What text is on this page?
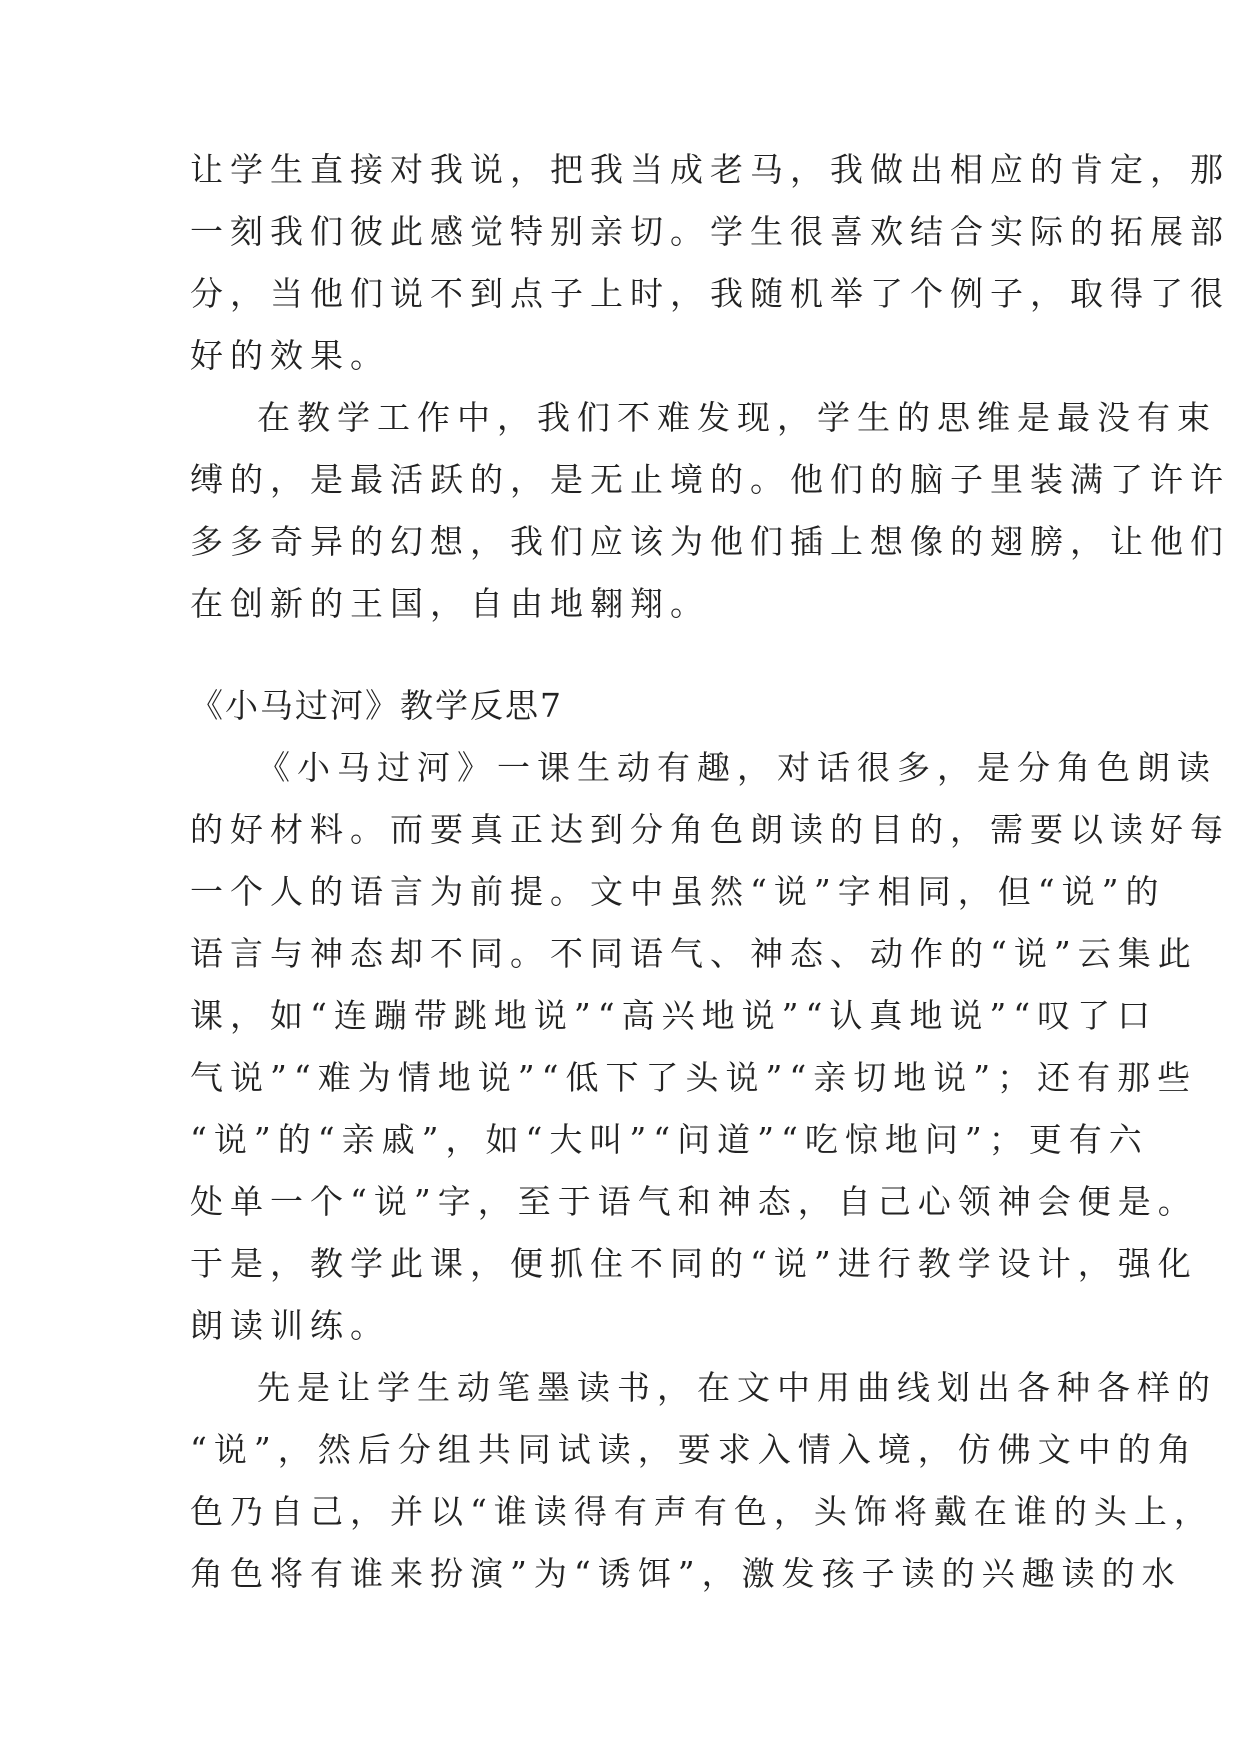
让学生直接对我说，把我当成老马，我做出相应的肯定，那
一刻我们彼此感觉特别亲切。学生很喜欢结合实际的拓展部
分，当他们说不到点子上时，我随机举了个例子，取得了很
好的效果。
在教学工作中，我们不难发现，学生的思维是最没有束
缚的，是最活跃的，是无止境的。他们的脑子里装满了许许
多多奇异的幻想，我们应该为他们插上想像的翅膀，让他们
在创新的王国，自由地翱翔。
《小马过河》教学反思7
《小马过河》一课生动有趣，对话很多，是分角色朗读
的好材料。而要真正达到分角色朗读的目的，需要以读好每
一个人的语言为前提。文中虽然“说”字相同，但“说”的
语言与神态却不同。不同语气、神态、动作的“说”云集此
课，如“连蹦带跳地说”“高兴地说”“认真地说”“叹了口
气说”“难为情地说”“低下了头说”“亲切地说”；还有那些
“说”的“亲戚”，如“大叫”“问道”“吃惊地问”；更有六
处单一个“说”字，至于语气和神态，自己心领神会便是。
于是，教学此课，便抓住不同的“说”进行教学设计，强化
朗读训练。
先是让学生动笔墨读书，在文中用曲线划出各种各样的
“说”，然后分组共同试读，要求入情入境，仿佛文中的角
色乃自己，并以“谁读得有声有色，头饰将戴在谁的头上，
角色将有谁来扮演”为“诱饵”，激发孩子读的兴趣读的水
